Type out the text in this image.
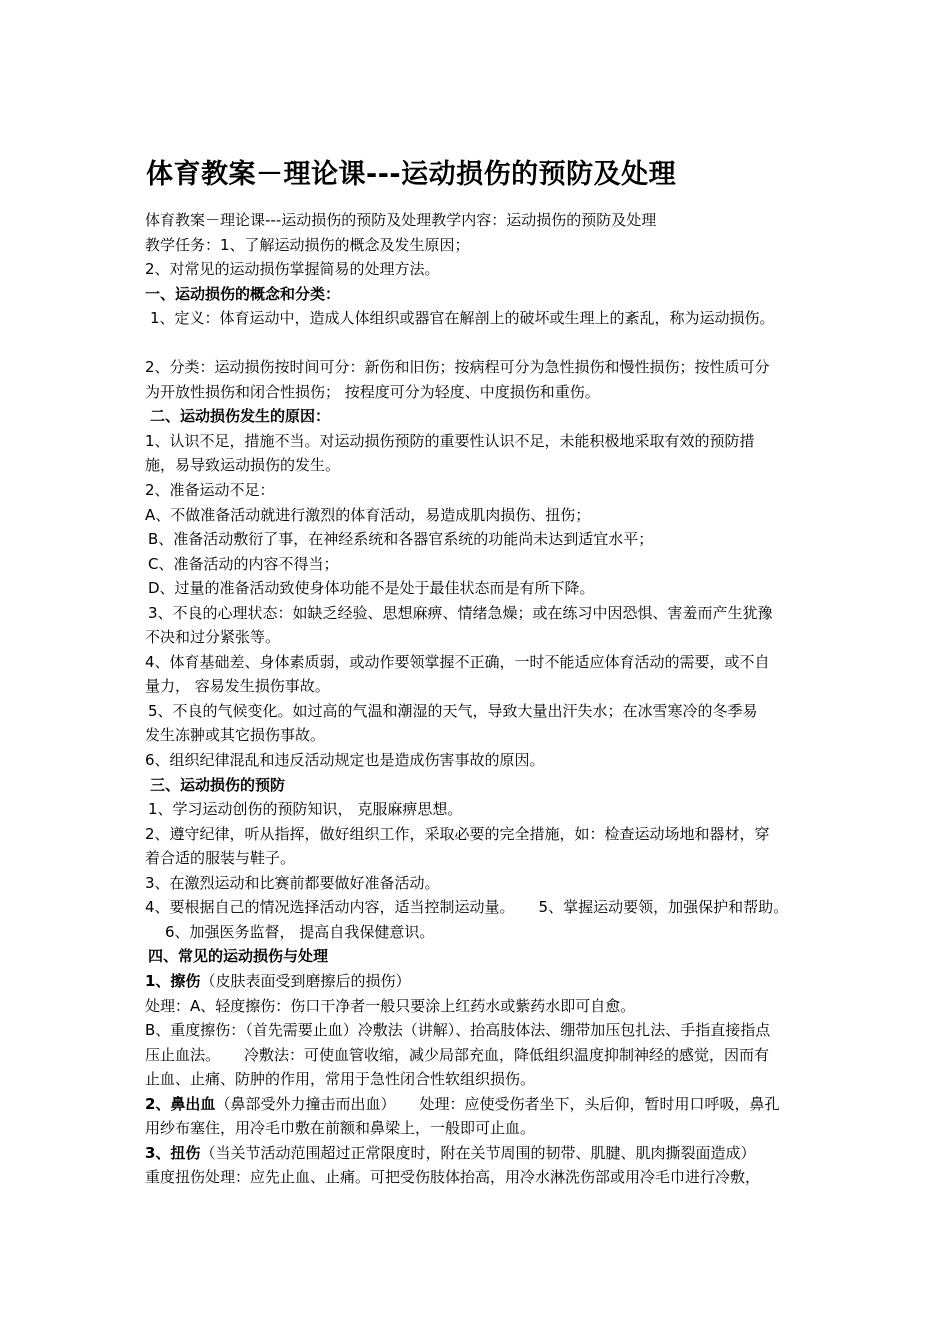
体育教案－理论课---运动损伤的预防及处理
体育教案－理论课---运动损伤的预防及处理教学内容：运动损伤的预防及处理
教学任务：1、了解运动损伤的概念及发生原因；
2、对常见的运动损伤掌握简易的处理方法。
一、运动损伤的概念和分类：
1、定义：体育运动中，造成人体组织或器官在解剖上的破坏或生理上的紊乱，称为运动损伤。
2、分类：运动损伤按时间可分：新伤和旧伤；按病程可分为急性损伤和慢性损伤；按性质可分
为开放性损伤和闭合性损伤； 按程度可分为轻度、中度损伤和重伤。
二、运动损伤发生的原因：
1、认识不足，措施不当。对运动损伤预防的重要性认识不足，未能积极地采取有效的预防措
施，易导致运动损伤的发生。
2、准备运动不足：
A、不做准备活动就进行激烈的体育活动，易造成肌肉损伤、扭伤；
B、准备活动敷衍了事，在神经系统和各器官系统的功能尚未达到适宜水平；
C、准备活动的内容不得当；
D、过量的准备活动致使身体功能不是处于最佳状态而是有所下降。
3、不良的心理状态：如缺乏经验、思想麻痹、情绪急燥；或在练习中因恐惧、害羞而产生犹豫
不决和过分紧张等。
4、体育基础差、身体素质弱，或动作要领掌握不正确，一时不能适应体育活动的需要，或不自
量力， 容易发生损伤事故。
5、不良的气候变化。如过高的气温和潮湿的天气，导致大量出汗失水；在冰雪寒冷的冬季易
发生冻翀或其它损伤事故。
6、组织纪律混乱和违反活动规定也是造成伤害事故的原因。
三、运动损伤的预防
1、学习运动创伤的预防知识， 克服麻痹思想。
2、遵守纪律，听从指挥，做好组织工作，采取必要的完全措施，如：检查运动场地和器材，穿
着合适的服装与鞋子。
3、在激烈运动和比赛前都要做好准备活动。
4、要根据自己的情况选择活动内容，适当控制运动量。 5、掌握运动要领，加强保护和帮助。
6、加强医务监督， 提高自我保健意识。
四、常见的运动损伤与处理
1、擦伤（皮肤表面受到磨擦后的损伤）
处理：A、轻度擦伤：伤口干净者一般只要涂上红药水或紫药水即可自愈。
B、重度擦伤：（首先需要止血）冷敷法（讲解）、抬高肢体法、绷带加压包扎法、手指直接指点
压止血法。 冷敷法：可使血管收缩，减少局部充血，降低组织温度抑制神经的感觉，因而有
止血、止痛、防肿的作用，常用于急性闭合性软组织损伤。
2、鼻出血（鼻部受外力撞击而出血） 处理：应使受伤者坐下，头后仰，暂时用口呼吸，鼻孔
用纱布塞住，用冷毛巾敷在前额和鼻梁上，一般即可止血。
3、扭伤（当关节活动范围超过正常限度时，附在关节周围的韧带、肌腱、肌肉撕裂面造成）
重度扭伤处理：应先止血、止痛。可把受伤肢体抬高，用冷水淋洗伤部或用冷毛巾进行冷敷，
